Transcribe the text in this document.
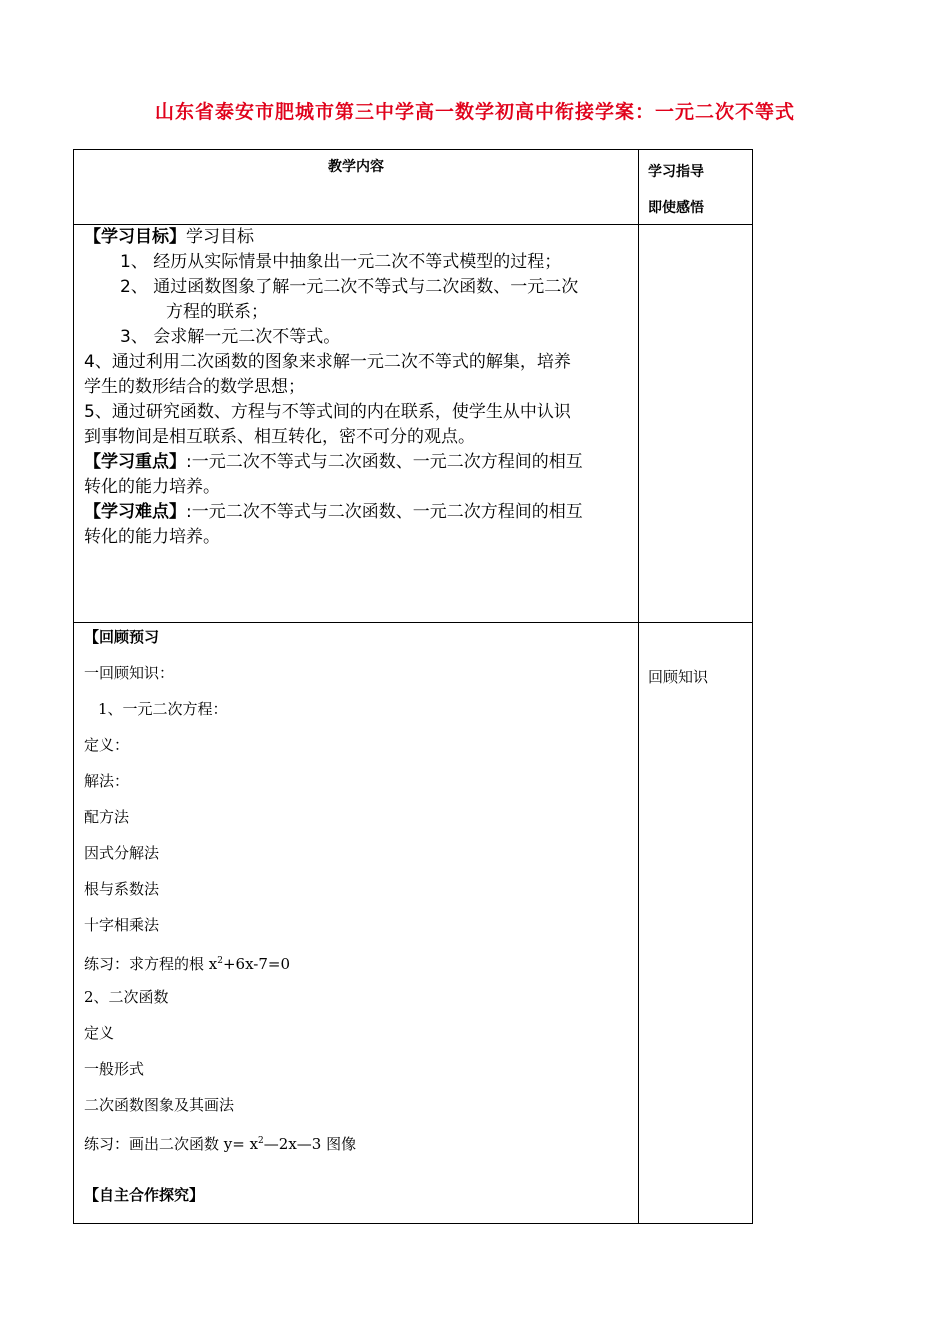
山东省泰安市肥城市第三中学高一数学初高中衔接学案：一元二次不等式
教学内容	学习指导
即使感悟

【学习目标】学习目标

1、 经历从实际情景中抽象出一元二次不等式模型的过程；

2、 通过函数图象了解一元二次不等式与二次函数、一元二次

方程的联系；

3、 会求解一元二次不等式。

4、通过利用二次函数的图象来求解一元二次不等式的解集，培养

学生的数形结合的数学思想；

5、通过研究函数、方程与不等式间的内在联系，使学生从中认识

到事物间是相互联系、相互转化，密不可分的观点。

【学习重点】:一元二次不等式与二次函数、一元二次方程间的相互

转化的能力培养。

【学习难点】:一元二次不等式与二次函数、一元二次方程间的相互

转化的能力培养。

【回顾预习
一回顾知识：
1、一元二次方程：
定义：
解法：
配方法
因式分解法
根与系数法
十字相乘法
练习：求方程的根 $x^2+6x-7=0$
2、二次函数
定义
一般形式
二次函数图象及其画法
练习：画出二次函数 $y= x^2—2x—3$ 图像
【自主合作探究】
回顾知识
